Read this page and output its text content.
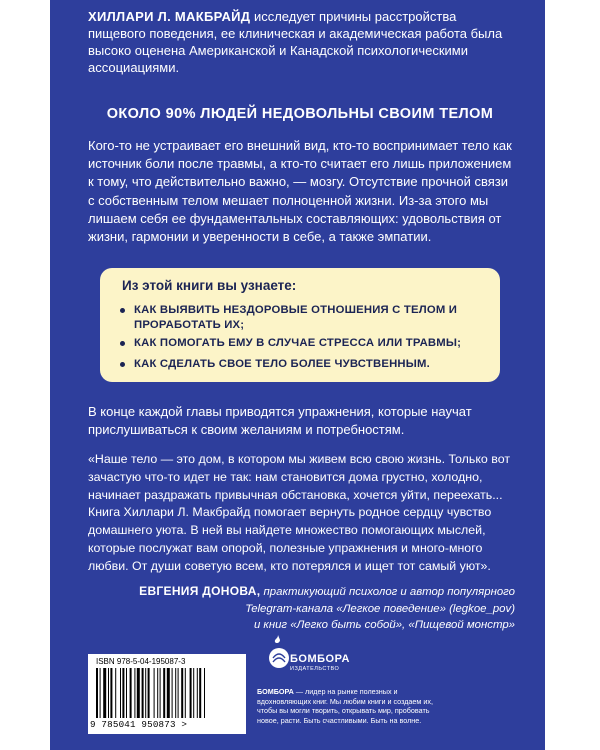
ХИЛЛАРИ Л. МАКБРАЙД исследует причины расстройства пищевого поведения, ее клиническая и академическая работа была высоко оценена Американской и Канадской психологическими ассоциациями.

ОКОЛО 90% ЛЮДЕЙ НЕДОВОЛЬНЫ СВОИМ ТЕЛОМ

Кого-то не устраивает его внешний вид, кто-то воспринимает тело как источник боли после травмы, а кто-то считает его лишь приложением к тому, что действительно важно, — мозгу. Отсутствие прочной связи с собственным телом мешает полноценной жизни. Из-за этого мы лишаем себя ее фундаментальных составляющих: удовольствия от жизни, гармонии и уверенности в себе, а также эмпатии.

Из этой книги вы узнаете:

КАК ВЫЯВИТЬ НЕЗДОРОВЫЕ ОТНОШЕНИЯ С ТЕЛОМ И ПРОРАБОТАТЬ ИХ;

КАК ПОМОГАТЬ ЕМУ В СЛУЧАЕ СТРЕССА ИЛИ ТРАВМЫ;

КАК СДЕЛАТЬ СВОЕ ТЕЛО БОЛЕЕ ЧУВСТВЕННЫМ.

В конце каждой главы приводятся упражнения, которые научат прислушиваться к своим желаниям и потребностям.

«Наше тело — это дом, в котором мы живем всю свою жизнь. Только вот зачастую что-то идет не так: нам становится дома грустно, холодно, начинает раздражать привычная обстановка, хочется уйти, переехать... Книга Хиллари Л. Макбрайд помогает вернуть родное сердцу чувство домашнего уюта. В ней вы найдете множество помогающих мыслей, которые послужат вам опорой, полезные упражнения и много-много любви. От души советую всем, кто потерялся и ищет тот самый уют».

ЕВГЕНИЯ ДОНОВА, практикующий психолог и автор популярного
Telegram-канала «Легкое поведение» (legkoe_pov)
и книг «Легко быть собой», «Пищевой монстр»

ISBN 978-5-04-195087-3

9 785041 950873 >

БОМБОРА

ИЗДАТЕЛЬСТВО

БОМБОРА — лидер на рынке полезных и вдохновляющих книг. Мы любим книги и создаем их, чтобы вы могли творить, открывать мир, пробовать новое, расти. Быть счастливыми. Быть на волне.
